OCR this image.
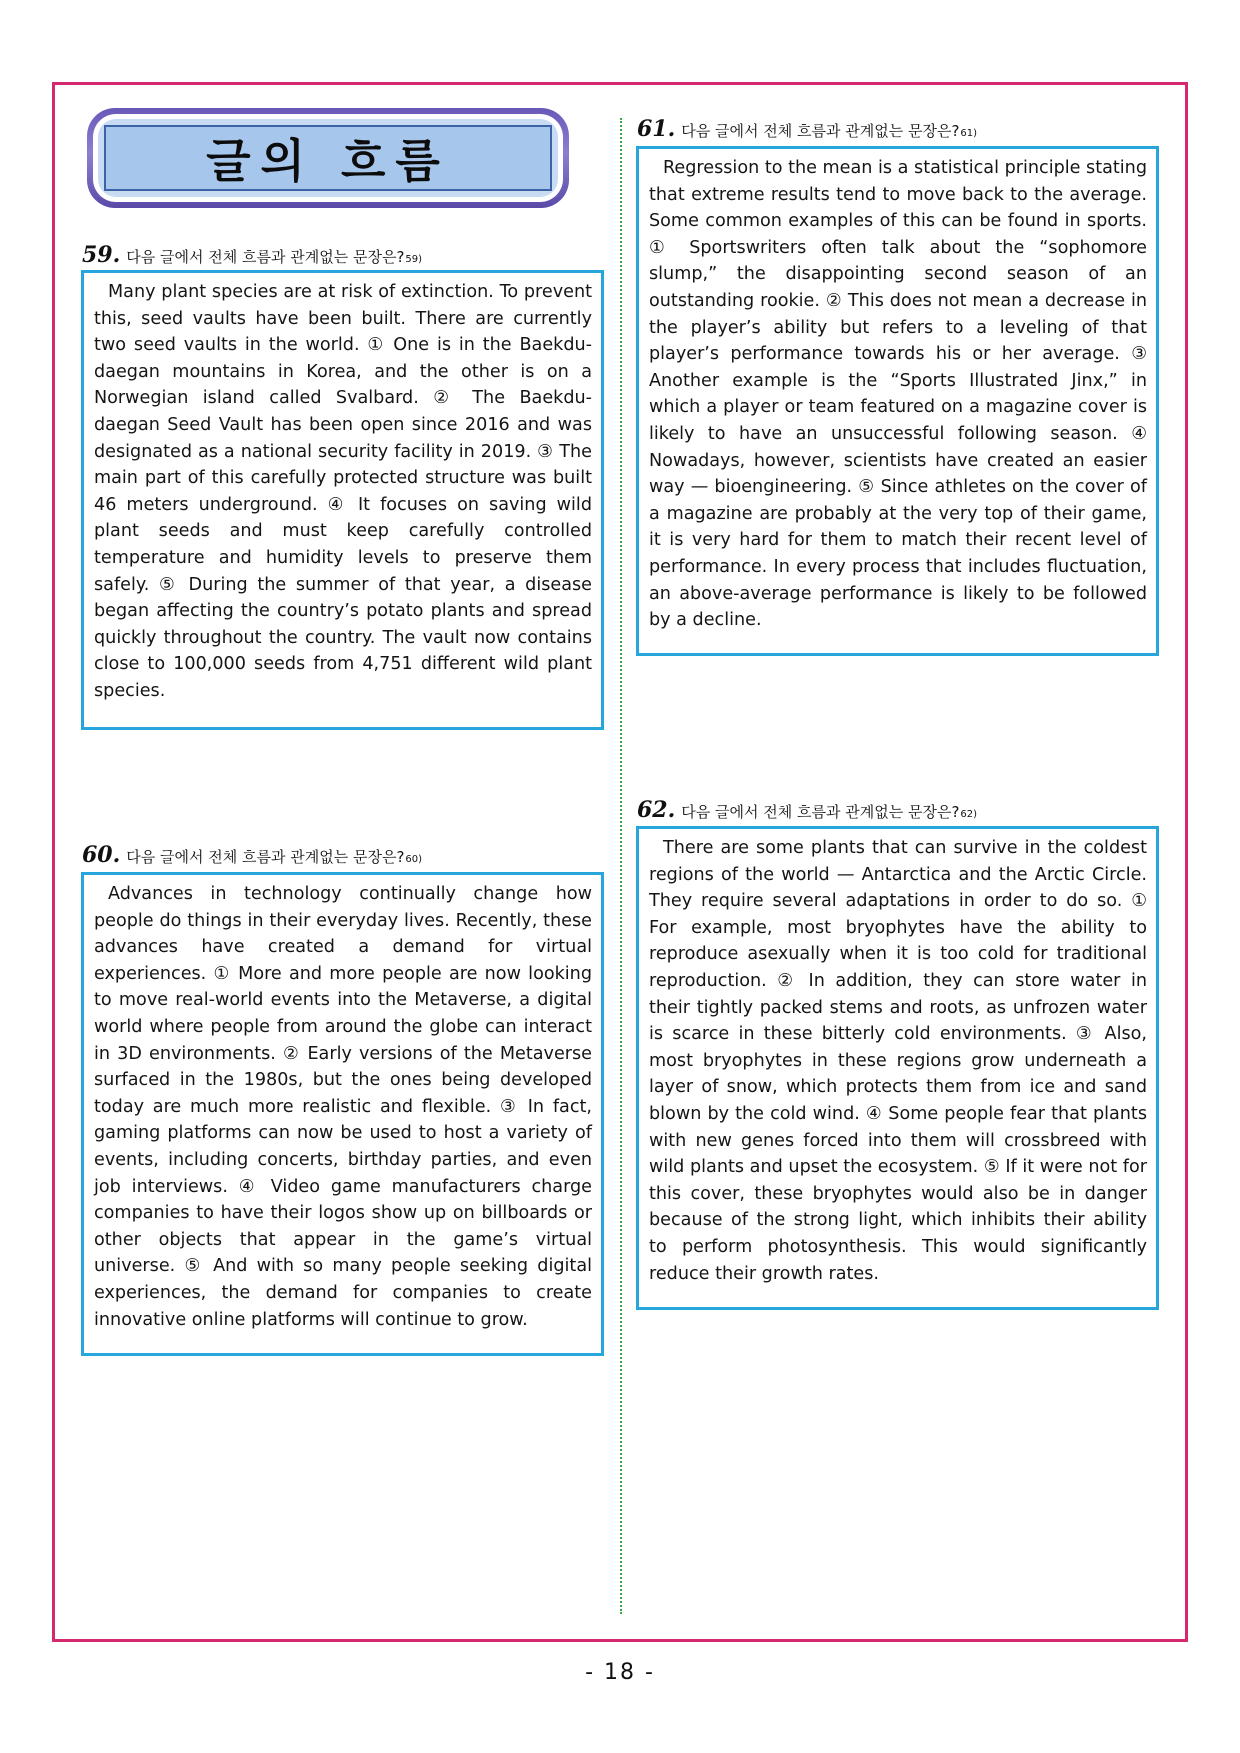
글의 흐름
59. 다음 글에서 전체 흐름과 관계없는 문장은? 59)
Many plant species are at risk of extinction. To prevent this, seed vaults have been built. There are currently two seed vaults in the world. ① One is in the Baekdu-daegan mountains in Korea, and the other is on a Norwegian island called Svalbard. ② The Baekdu-daegan Seed Vault has been open since 2016 and was designated as a national security facility in 2019. ③ The main part of this carefully protected structure was built 46 meters underground. ④ It focuses on saving wild plant seeds and must keep carefully controlled temperature and humidity levels to preserve them safely. ⑤ During the summer of that year, a disease began affecting the country’s potato plants and spread quickly throughout the country. The vault now contains close to 100,000 seeds from 4,751 different wild plant species.
60. 다음 글에서 전체 흐름과 관계없는 문장은? 60)
Advances in technology continually change how people do things in their everyday lives. Recently, these advances have created a demand for virtual experiences. ① More and more people are now looking to move real-world events into the Metaverse, a digital world where people from around the globe can interact in 3D environments. ② Early versions of the Metaverse surfaced in the 1980s, but the ones being developed today are much more realistic and flexible. ③ In fact, gaming platforms can now be used to host a variety of events, including concerts, birthday parties, and even job interviews. ④ Video game manufacturers charge companies to have their logos show up on billboards or other objects that appear in the game’s virtual universe. ⑤ And with so many people seeking digital experiences, the demand for companies to create innovative online platforms will continue to grow.
61. 다음 글에서 전체 흐름과 관계없는 문장은? 61)
Regression to the mean is a statistical principle stating that extreme results tend to move back to the average. Some common examples of this can be found in sports. ① Sportswriters often talk about the “sophomore slump,” the disappointing second season of an outstanding rookie. ② This does not mean a decrease in the player’s ability but refers to a leveling of that player’s performance towards his or her average. ③ Another example is the “Sports Illustrated Jinx,” in which a player or team featured on a magazine cover is likely to have an unsuccessful following season. ④ Nowadays, however, scientists have created an easier way — bioengineering. ⑤ Since athletes on the cover of a magazine are probably at the very top of their game, it is very hard for them to match their recent level of performance. In every process that includes fluctuation, an above-average performance is likely to be followed by a decline.
62. 다음 글에서 전체 흐름과 관계없는 문장은? 62)
There are some plants that can survive in the coldest regions of the world — Antarctica and the Arctic Circle. They require several adaptations in order to do so. ① For example, most bryophytes have the ability to reproduce asexually when it is too cold for traditional reproduction. ② In addition, they can store water in their tightly packed stems and roots, as unfrozen water is scarce in these bitterly cold environments. ③ Also, most bryophytes in these regions grow underneath a layer of snow, which protects them from ice and sand blown by the cold wind. ④ Some people fear that plants with new genes forced into them will crossbreed with wild plants and upset the ecosystem. ⑤ If it were not for this cover, these bryophytes would also be in danger because of the strong light, which inhibits their ability to perform photosynthesis. This would significantly reduce their growth rates.
- 18 -
